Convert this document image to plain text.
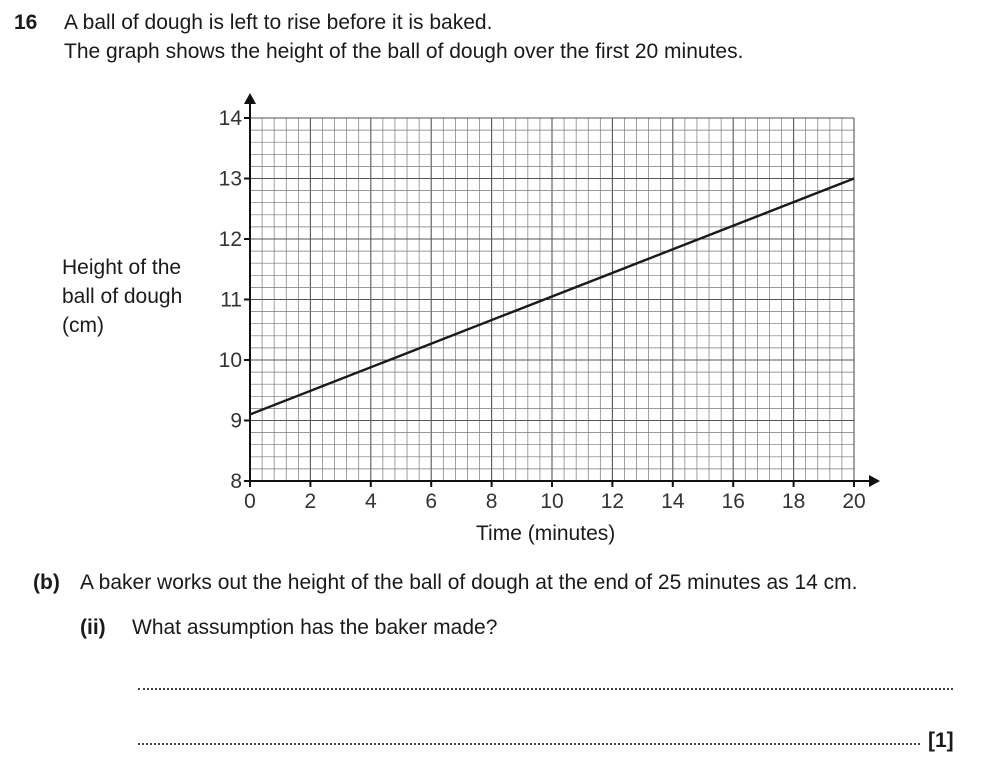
16 A ball of dough is left to rise before it is baked.
The graph shows the height of the ball of dough over the first 20 minutes.
Height of the
ball of dough
(cm)
8
9
10
11
12
13
14
0 2 4 6 8 10 12 14 16 18 20
Time (minutes)
(b) A baker works out the height of the ball of dough at the end of 25 minutes as 14 cm.
(ii) What assumption has the baker made?
[1]
